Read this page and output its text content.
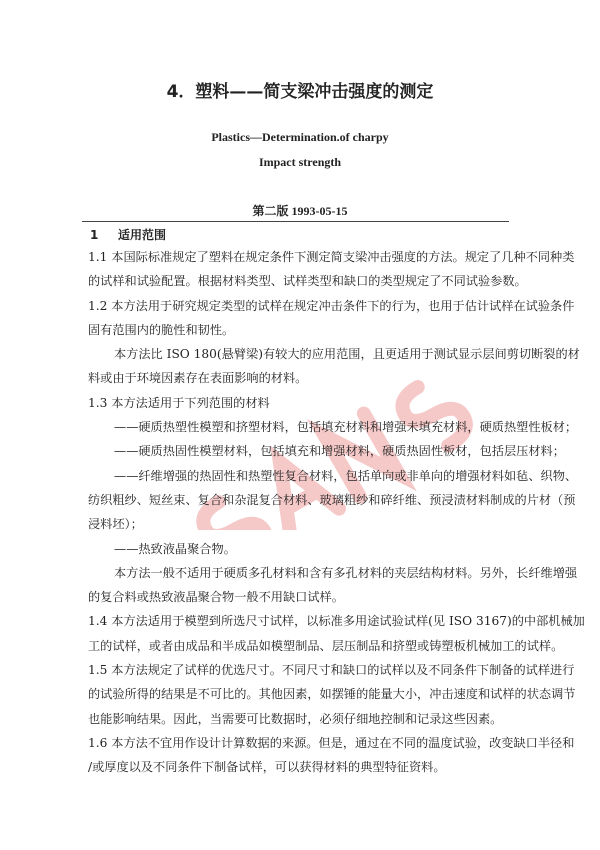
4．塑料——简支梁冲击强度的测定
Plastics—Determination.of charpy
Impact strength
第二版 1993-05-15
1 适用范围
1.1 本国际标准规定了塑料在规定条件下测定简支梁冲击强度的方法。规定了几种不同种类
的试样和试验配置。根据材料类型、试样类型和缺口的类型规定了不同试验参数。
1.2 本方法用于研究规定类型的试样在规定冲击条件下的行为，也用于估计试样在试验条件
固有范围内的脆性和韧性。
本方法比 ISO 180(悬臂梁)有较大的应用范围，且更适用于测试显示层间剪切断裂的材
料或由于环境因素存在表面影响的材料。
1.3 本方法适用于下列范围的材料
——硬质热塑性模塑和挤塑材料，包括填充材料和增强未填充材料，硬质热塑性板材；
——硬质热固性模塑材料，包括填充和增强材料，硬质热固性板材，包括层压材料；
——纤维增强的热固性和热塑性复合材料，包括单向或非单向的增强材料如毡、织物、
纺织粗纱、短丝束、复合和杂混复合材料、玻璃粗纱和碎纤维、预浸渍材料制成的片材（预
浸料坯）；
——热致液晶聚合物。
本方法一般不适用于硬质多孔材料和含有多孔材料的夹层结构材料。另外，长纤维增强
的复合料或热致液晶聚合物一般不用缺口试样。
1.4 本方法适用于模塑到所选尺寸试样，以标准多用途试验试样(见 ISO 3167)的中部机械加
工的试样，或者由成品和半成品如模塑制品、层压制品和挤塑或铸塑板机械加工的试样。
1.5 本方法规定了试样的优选尺寸。不同尺寸和缺口的试样以及不同条件下制备的试样进行
的试验所得的结果是不可比的。其他因素，如摆锤的能量大小，冲击速度和试样的状态调节
也能影响结果。因此，当需要可比数据时，必须仔细地控制和记录这些因素。
1.6 本方法不宜用作设计计算数据的来源。但是，通过在不同的温度试验，改变缺口半径和
/或厚度以及不同条件下制备试样，可以获得材料的典型特征资料。
